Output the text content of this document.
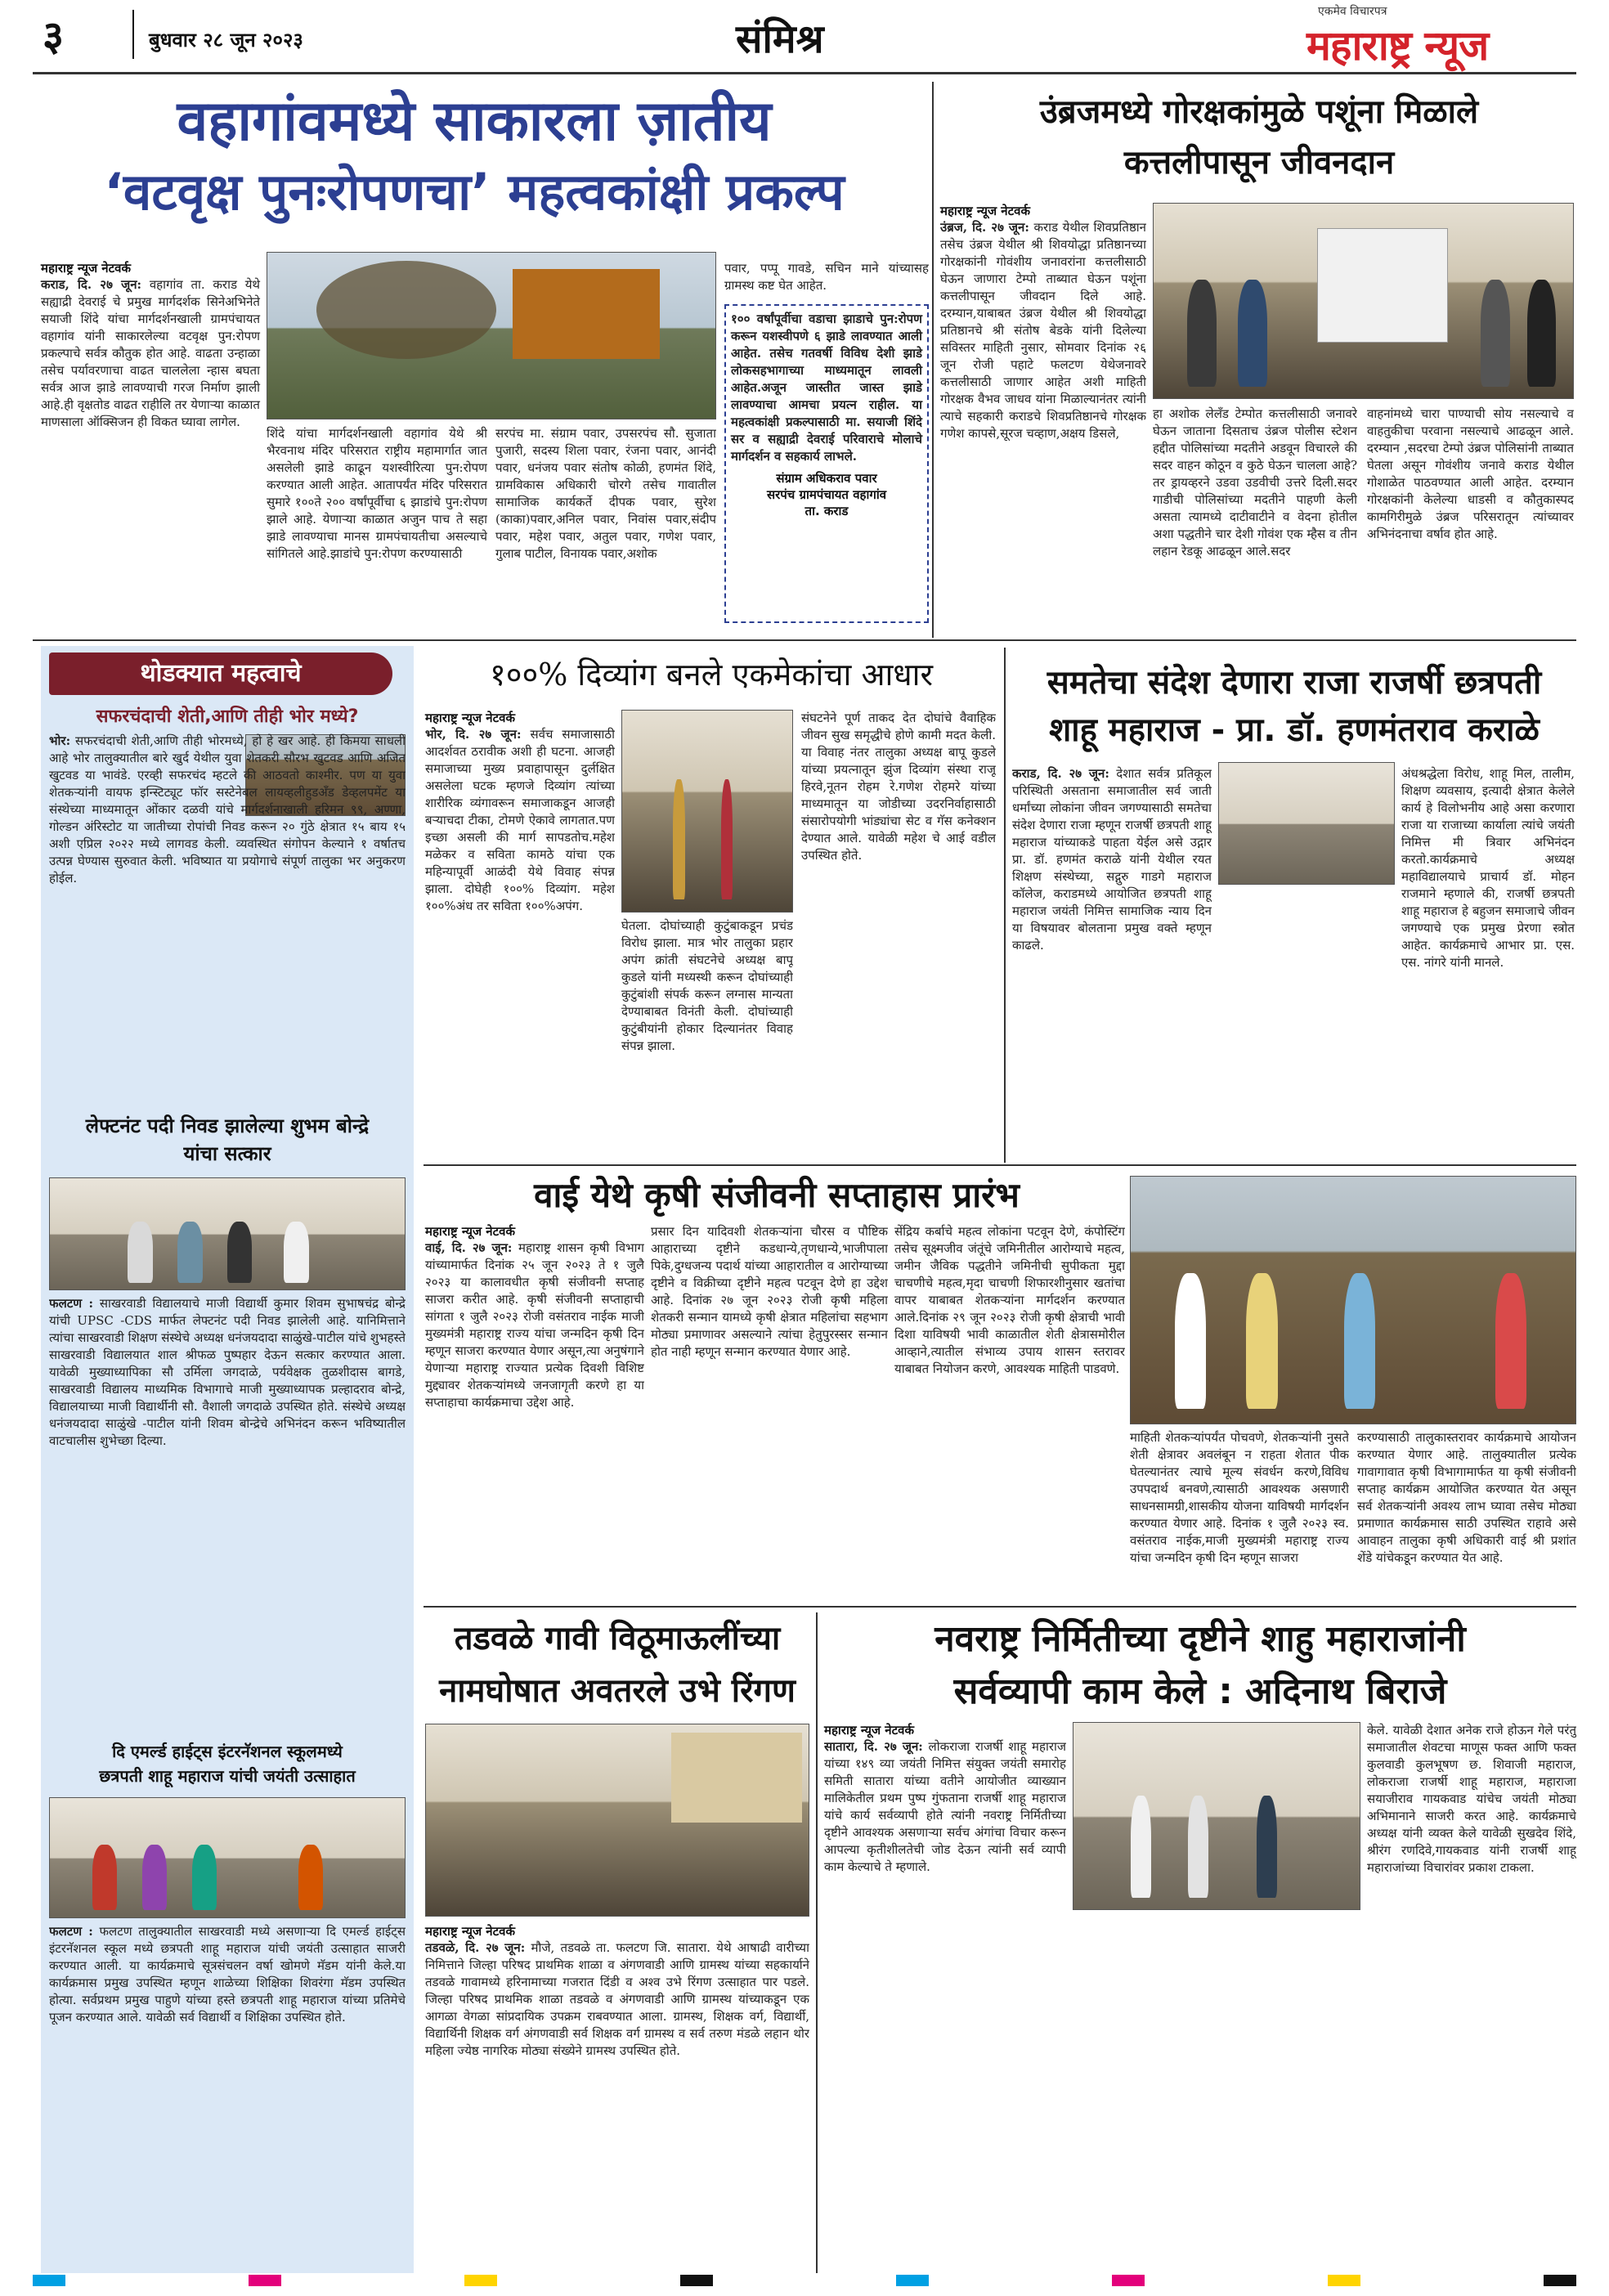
३	बुधवार २८ जून २०२३	संमिश्र
एकमेव विचारपत्र
महाराष्ट्र न्यूज
वहागांवमध्ये साकारला ज़ातीय
‘वटवृक्ष पुनःरोपणचा’ महत्वकांक्षी प्रकल्प
महाराष्ट्र न्यूज नेटवर्क
कराड, दि. २७ जून: वहागांव ता. कराड येथे सह्याद्री देवराई चे प्रमुख मार्गदर्शक सिनेअभिनेते सयाजी शिंदे यांचा मार्गदर्शनखाली ग्रामपंचायत वहागांव यांनी साकारलेल्या वटवृक्ष पुन:रोपण प्रकल्पाचे सर्वत्र कौतुक होत आहे. वाढता उन्हाळा तसेच पर्यावरणाचा वाढत चाललेला न्हास बघता सर्वत्र आज झाडे लावण्याची गरज निर्माण झाली आहे.ही वृक्षतोड वाढत राहीलि तर येणाऱ्या काळात माणसाला ऑक्सिजन ही विकत घ्यावा लागेल.
शिंदे यांचा मार्गदर्शनखाली वहागांव येथे श्री भैरवनाथ मंदिर परिसरात राष्ट्रीय महामार्गात जात असलेली झाडे काढून यशस्वीरित्या पुन:रोपण करण्यात आली आहेत. आतापर्यंत मंदिर परिसरात सुमारे १००ते २०० वर्षांपूर्वीचा ६ झाडांचे पुन:रोपण झाले आहे. येणाऱ्या काळात अजुन पाच ते सहा झाडे लावण्याचा मानस ग्रामपंचायतीचा असल्याचे सांगितले आहे.झाडांचे पुन:रोपण करण्यासाठी
सरपंच मा. संग्राम पवार, उपसरपंच सौ. सुजाता पुजारी, सदस्य शिला पवार, रंजना पवार, आनंदी पवार, धनंजय पवार संतोष कोळी, हणमंत शिंदे, ग्रामविकास अधिकारी चोरगे तसेच गावातील सामाजिक कार्यकर्ते दीपक पवार, सुरेश (काका)पवार,अनिल पवार, निवांस पवार,संदीप पवार, महेश पवार, अतुल पवार, गणेश पवार, गुलाब पाटील, विनायक पवार,अशोक
पवार, पप्पू गावडे, सचिन माने यांच्यासह ग्रामस्थ कष्ट घेत आहेत.
१०० वर्षांपूर्वीचा वडाचा झाडाचे पुन:रोपण करून यशस्वीपणे ६ झाडे लावण्यात आली आहेत. तसेच गतवर्षी विविध देशी झाडे लोकसहभागाच्या माध्यमातून लावली आहेत.अजून जास्तीत जास्त झाडे लावण्याचा आमचा प्रयत्न राहील. या महत्वकांक्षी प्रकल्पासाठी मा. सयाजी शिंदे सर व सह्याद्री देवराई परिवाराचे मोलाचे मार्गदर्शन व सहकार्य लाभले.
संग्राम अधिकराव पवार
सरपंच ग्रामपंचायत वहागांव
ता. कराड
उंब्रजमध्ये गोरक्षकांमुळे पशूंना मिळाले
कत्तलीपासून जीवनदान
महाराष्ट्र न्यूज नेटवर्क
उंब्रज, दि. २७ जून: कराड येथील शिवप्रतिष्ठान तसेच उंब्रज येथील श्री शिवयोद्धा प्रतिष्ठानच्या गोरक्षकांनी गोवंशीय जनावरांना कत्तलीसाठी घेऊन जाणारा टेम्पो ताब्यात घेऊन पशूंना कत्तलीपासून जीवदान दिले आहे. दरम्यान,याबाबत उंब्रज येथील श्री शिवयोद्धा प्रतिष्ठानचे श्री संतोष बेडके यांनी दिलेल्या सविस्तर माहिती नुसार, सोमवार दिनांक २६ जून रोजी पहाटे फलटण येथेजनावरे कत्तलीसाठी जाणार आहेत अशी माहिती गोरक्षक वैभव जाधव यांना मिळाल्यानंतर त्यांनी त्याचे सहकारी कराडचे शिवप्रतिष्ठानचे गोरक्षक गणेश कापसे,सूरज चव्हाण,अक्षय डिसले,
हा अशोक लेलँड टेम्पोत कत्तलीसाठी जनावरे घेऊन जाताना दिसताच उंब्रज पोलीस स्टेशन हद्दीत पोलिसांच्या मदतीने अडवून विचारले की सदर वाहन कोठून व कुठे घेऊन चालला आहे? तर ड्रायव्हरने उडवा उडवीची उत्तरे दिली.सदर गाडीची पोलिसांच्या मदतीने पाहणी केली असता त्यामध्ये दाटीवाटीने व वेदना होतील अशा पद्धतीने चार देशी गोवंश एक म्हैस व तीन लहान रेडकू आढळून आले.सदर
वाहनांमध्ये चारा पाण्याची सोय नसल्याचे व वाहतुकीचा परवाना नसल्याचे आढळून आले. दरम्यान ,सदरचा टेम्पो उंब्रज पोलिसांनी ताब्यात घेतला असून गोवंशीय जनावे कराड येथील गोशाळेत पाठवण्यात आली आहेत. दरम्यान गोरक्षकांनी केलेल्या धाडसी व कौतुकास्पद कामगिरीमुळे उंब्रज परिसरातून त्यांच्यावर अभिनंदनाचा वर्षाव होत आहे.
थोडक्यात महत्वाचे
सफरचंदाची शेती,आणि तीही भोर मध्ये?
भोर: सफरचंदाची शेती,आणि तीही भोरमध्ये, हो हे खर आहे. ही किमया साधली आहे भोर तालुक्यातील बारे खुर्द येथील युवा शेतकरी सौरभ खुटवड आणि अजित खुटवड या भावंडे. एरव्ही सफरचंद म्हटले की आठवतो काश्मीर. पण या युवा शेतकऱ्यांनी वायफ इन्स्टिट्यूट फॉर सस्टेनेबल लायव्हलीहुडअँड डेव्हलपमेंट या संस्थेच्या माध्यमातून ओंकार दळवी यांचे मार्गदर्शनाखाली हरिमन ९९, अण्णा, गोल्डन अंरिस्टोट या जातीच्या रोपांची निवड करून २० गुंठे क्षेत्रात १५ बाय १५ अशी एप्रिल २०२२ मध्ये लागवड केली. व्यवस्थित संगोपन केल्याने १ वर्षातच उत्पन्न घेण्यास सुरुवात केली. भविष्यात या प्रयोगाचे संपूर्ण तालुका भर अनुकरण होईल.
लेफ्टनंट पदी निवड झालेल्या शुभम बोन्द्रे
यांचा सत्कार
फलटण : साखरवाडी विद्यालयाचे माजी विद्यार्थी कुमार शिवम सुभाषचंद्र बोन्द्रे यांची UPSC -CDS मार्फत लेफ्टनंट पदी निवड झालेली आहे. यानिमित्ताने त्यांचा साखरवाडी शिक्षण संस्थेचे अध्यक्ष धनंजयदादा साळुंखे-पाटील यांचे शुभहस्ते साखरवाडी विद्यालयात शाल श्रीफळ पुष्पहार देऊन सत्कार करण्यात आला. यावेळी मुख्याध्यापिका सौ उर्मिला जगदाळे, पर्यवेक्षक तुळशीदास बागडे, साखरवाडी विद्यालय माध्यमिक विभागाचे माजी मुख्याध्यापक प्रल्हादराव बोन्द्रे, विद्यालयाच्या माजी विद्यार्थीनी सौ. वैशाली जगदाळे उपस्थित होते. संस्थेचे अध्यक्ष धनंजयदादा साळुंखे -पाटील यांनी शिवम बोन्द्रेचे अभिनंदन करून भविष्यातील वाटचालीस शुभेच्छा दिल्या.
दि एमर्ल्ड हाईट्स इंटरनॅशनल स्कूलमध्ये
छत्रपती शाहू महाराज यांची जयंती उत्साहात
फलटण : फलटण तालुक्यातील साखरवाडी मध्ये असणाऱ्या दि एमर्ल्ड हाईट्स इंटरनॅशनल स्कूल मध्ये छत्रपती शाहू महाराज यांची जयंती उत्साहात साजरी करण्यात आली. या कार्यक्रमाचे सूत्रसंचलन वर्षा खोमणे मॅडम यांनी केले.या कार्यक्रमास प्रमुख उपस्थित म्हणून शाळेच्या शिक्षिका शिवरंगा मॅडम उपस्थित होत्या. सर्वप्रथम प्रमुख पाहुणे यांच्या हस्ते छत्रपती शाहू महाराज यांच्या प्रतिमेचे पूजन करण्यात आले. यावेळी सर्व विद्यार्थी व शिक्षिका उपस्थित होते.
१००% दिव्यांग बनले एकमेकांचा आधार
महाराष्ट्र न्यूज नेटवर्क
भोर, दि. २७ जून: सर्वच समाजासाठी आदर्शवत ठरावीक अशी ही घटना. आजही समाजाच्या मुख्य प्रवाहापासून दुर्लक्षित असलेला घटक म्हणजे दिव्यांग त्यांच्या शारीरिक व्यंगावरून समाजाकडून आजही बऱ्याचदा टीका, टोमणे ऐकावे लागतात.पण इच्छा असली की मार्ग सापडतोच.महेश मळेकर व सविता कामठे यांचा एक महिन्यापूर्वी आळंदी येथे विवाह संपन्न झाला. दोघेही १००% दिव्यांग. महेश १००%अंध तर सविता १००%अपंग.
घेतला. दोघांच्याही कुटुंबाकडून प्रचंड विरोध झाला. मात्र भोर तालुका प्रहार अपंग क्रांती संघटनेचे अध्यक्ष बापू कुडले यांनी मध्यस्थी करून दोघांच्याही कुटुंबांशी संपर्क करून लग्नास मान्यता देण्याबाबत विनंती केली. दोघांच्याही कुटुंबीयांनी होकार दिल्यानंतर विवाह संपन्न झाला.
संघटनेने पूर्ण ताकद देत दोघांचे वैवाहिक जीवन सुख समृद्धीचे होणे कामी मदत केली. या विवाह नंतर तालुका अध्यक्ष बापू कुडले यांच्या प्रयत्नातून झुंज दिव्यांग संस्था राजू हिरवे,नूतन रोहम रे.गणेश रोहमरे यांच्या माध्यमातून या जोडीच्या उदरनिर्वाहासाठी संसारोपयोगी भांड्यांचा सेट व गॅस कनेक्शन देण्यात आले. यावेळी महेश चे आई वडील उपस्थित होते.
समतेचा संदेश देणारा राजा राजर्षी छत्रपती
शाहू महाराज - प्रा. डॉ. हणमंतराव कराळे
कराड, दि. २७ जून: देशात सर्वत्र प्रतिकूल परिस्थिती असताना समाजातील सर्व जाती धर्मांच्या लोकांना जीवन जगण्यासाठी समतेचा संदेश देणारा राजा म्हणून राजर्षी छत्रपती शाहू महाराज यांच्याकडे पाहता येईल असे उद्गार प्रा. डॉ. हणमंत कराळे यांनी येथील रयत शिक्षण संस्थेच्या, सद्गुरु गाडगे महाराज कॉलेज, कराडमध्ये आयोजित छत्रपती शाहू महाराज जयंती निमित्त सामाजिक न्याय दिन या विषयावर बोलताना प्रमुख वक्ते म्हणून काढले.
अंधश्रद्धेला विरोध, शाहू मिल, तालीम, शिक्षण व्यवसाय, इत्यादी क्षेत्रात केलेले कार्य हे विलोभनीय आहे असा करणारा राजा या राजाच्या कार्याला त्यांचे जयंती निमित्त मी त्रिवार अभिनंदन करतो.कार्यक्रमाचे अध्यक्ष महाविद्यालयाचे प्राचार्य डॉ. मोहन राजमाने म्हणाले की, राजर्षी छत्रपती शाहू महाराज हे बहुजन समाजाचे जीवन जगण्याचे एक प्रमुख प्रेरणा स्त्रोत आहेत. कार्यक्रमाचे आभार प्रा. एस. एस. नांगरे यांनी मानले.
वाई येथे कृषी संजीवनी सप्ताहास प्रारंभ
महाराष्ट्र न्यूज नेटवर्क
वाई, दि. २७ जून: महाराष्ट्र शासन कृषी विभाग यांच्यामार्फत दिनांक २५ जून २०२३ ते १ जुलै २०२३ या कालावधीत कृषी संजीवनी सप्ताह साजरा करीत आहे. कृषी संजीवनी सप्ताहाची सांगता १ जुलै २०२३ रोजी वसंतराव नाईक माजी मुख्यमंत्री महाराष्ट्र राज्य यांचा जन्मदिन कृषी दिन म्हणून साजरा करण्यात येणार असून,त्या अनुषंगाने येणाऱ्या महाराष्ट्र राज्यात प्रत्येक दिवशी विशिष्ट मुद्द्यावर शेतकऱ्यांमध्ये जनजागृती करणे हा या सप्ताहाचा कार्यक्रमाचा उद्देश आहे.
प्रसार दिन यादिवशी शेतकऱ्यांना चौरस व पौष्टिक आहाराच्या दृष्टीने कडधान्ये,तृणधान्ये,भाजीपाला पिके,दुग्धजन्य पदार्थ यांच्या आहारातील व आरोग्याच्या दृष्टीने व विक्रीच्या दृष्टीने महत्व पटवून देणे हा उद्देश आहे. दिनांक २७ जून २०२३ रोजी कृषी महिला शेतकरी सन्मान यामध्ये कृषी क्षेत्रात महिलांचा सहभाग मोठ्या प्रमाणावर असल्याने त्यांचा हेतुपुरस्सर सन्मान होत नाही म्हणून सन्मान करण्यात येणार आहे.
सेंद्रिय कर्बाचे महत्व लोकांना पटवून देणे, कंपोस्टिंग तसेच सूक्ष्मजीव जंतूंचे जमिनीतील आरोग्याचे महत्व, जमीन जैविक पद्धतीने जमिनीची सुपीकता मुद्दा चाचणीचे महत्व,मृदा चाचणी शिफारशीनुसार खतांचा वापर याबाबत शेतकऱ्यांना मार्गदर्शन करण्यात आले.दिनांक २९ जून २०२३ रोजी कृषी क्षेत्राची भावी दिशा याविषयी भावी काळातील शेती क्षेत्रासमोरील आव्हाने,त्यातील संभाव्य उपाय शासन स्तरावर याबाबत नियोजन करणे, आवश्यक माहिती पाडवणे.
माहिती शेतकऱ्यांपर्यंत पोचवणे, शेतकऱ्यांनी नुसते शेती क्षेत्रावर अवलंबून न राहता शेतात पीक घेतल्यानंतर त्याचे मूल्य संवर्धन करणे,विविध उपपदार्थ बनवणे,त्यासाठी आवश्यक असणारी साधनसामग्री,शासकीय योजना याविषयी मार्गदर्शन करण्यात येणार आहे. दिनांक १ जुलै २०२३ स्व. वसंतराव नाईक,माजी मुख्यमंत्री महाराष्ट्र राज्य यांचा जन्मदिन कृषी दिन म्हणून साजरा
करण्यासाठी तालुकास्तरावर कार्यक्रमाचे आयोजन करण्यात येणार आहे. तालुक्यातील प्रत्येक गावागावात कृषी विभागामार्फत या कृषी संजीवनी सप्ताह कार्यक्रम आयोजित करण्यात येत असून सर्व शेतकऱ्यांनी अवश्य लाभ घ्यावा तसेच मोठ्या प्रमाणात कार्यक्रमास साठी उपस्थित राहावे असे आवाहन तालुका कृषी अधिकारी वाई श्री प्रशांत शेंडे यांचेकडून करण्यात येत आहे.
तडवळे गावी विठूमाऊलींच्या
नामघोषात अवतरले उभे रिंगण
महाराष्ट्र न्यूज नेटवर्क
तडवळे, दि. २७ जून: मौजे, तडवळे ता. फलटण जि. सातारा. येथे आषाढी वारीच्या निमित्ताने जिल्हा परिषद प्राथमिक शाळा व अंगणवाडी आणि ग्रामस्थ यांच्या सहकार्याने तडवळे गावामध्ये हरिनामाच्या गजरात दिंडी व अश्व उभे रिंगण उत्साहात पार पडले. जिल्हा परिषद प्राथमिक शाळा तडवळे व अंगणवाडी आणि ग्रामस्थ यांच्याकडून एक आगळा वेगळा सांप्रदायिक उपक्रम राबवण्यात आला. ग्रामस्थ, शिक्षक वर्ग, विद्यार्थी, विद्यार्थिनी शिक्षक वर्ग अंगणवाडी सर्व शिक्षक वर्ग ग्रामस्थ व सर्व तरुण मंडळे लहान थोर महिला ज्येष्ठ नागरिक मोठ्या संख्येने ग्रामस्थ उपस्थित होते.
नवराष्ट्र निर्मितीच्या दृष्टीने शाहु महाराजांनी
सर्वव्यापी काम केले : अदिनाथ बिराजे
महाराष्ट्र न्यूज नेटवर्क
सातारा, दि. २७ जून: लोकराजा राजर्षी शाहू महाराज यांच्या १४९ व्या जयंती निमित्त संयुक्त जयंती समारोह समिती सातारा यांच्या वतीने आयोजीत व्याख्यान मालिकेतील प्रथम पुष्प गुंफताना राजर्षी शाहू महाराज यांचे कार्य सर्वव्यापी होते त्यांनी नवराष्ट्र निर्मितीच्या दृष्टीने आवश्यक असणाऱ्या सर्वच अंगांचा विचार करून आपल्या कृतीशीलतेची जोड देऊन त्यांनी सर्व व्यापी काम केल्याचे ते म्हणाले.
केले. यावेळी देशात अनेक राजे होऊन गेले परंतु समाजातील शेवटचा माणूस फक्त आणि फक्त कुलवाडी कुलभूषण छ. शिवाजी महाराज, लोकराजा राजर्षी शाहू महाराज, महाराजा सयाजीराव गायकवाड यांचेच जयंती मोठ्या अभिमानाने साजरी करत आहे. कार्यक्रमाचे अध्यक्ष यांनी व्यक्त केले यावेळी सुखदेव शिंदे, श्रीरंग रणदिवे,गायकवाड यांनी राजर्षी शाहू महाराजांच्या विचारांवर प्रकाश टाकला.
